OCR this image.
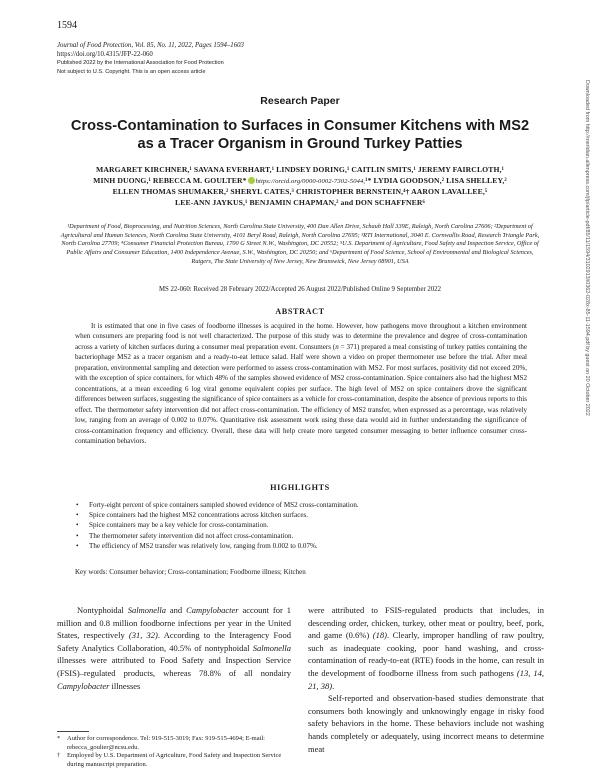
1594
Journal of Food Protection, Vol. 85, No. 11, 2022, Pages 1594–1603
https://doi.org/10.4315/JFP-22-060
Published 2022 by the International Association for Food Protection
Not subject to U.S. Copyright. This is an open access article
Research Paper
Cross-Contamination to Surfaces in Consumer Kitchens with MS2 as a Tracer Organism in Ground Turkey Patties
MARGARET KIRCHNER,¹ SAVANA EVERHART,¹ LINDSEY DORING,¹ CAITLIN SMITS,¹ JEREMY FAIRCLOTH,¹
MINH DUONG,¹ REBECCA M. GOULTER* https://orcid.org/0000-0002-7302-5044,¹* LYDIA GOODSON,² LISA SHELLEY,²
ELLEN THOMAS SHUMAKER,² SHERYL CATES,³ CHRISTOPHER BERNSTEIN,⁴† AARON LAVALLEE,⁵
LEE-ANN JAYKUS,¹ BENJAMIN CHAPMAN,² and DON SCHAFFNER⁶
¹Department of Food, Bioprocessing, and Nutrition Sciences, North Carolina State University, 400 Dan Allen Drive, Schaub Hall 339E, Raleigh, North Carolina 27606; ²Department of Agricultural and Human Sciences, North Carolina State University, 4101 Beryl Road, Raleigh, North Carolina 27695; ³RTI International, 3040 E. Cornwallis Road, Research Triangle Park, North Carolina 27709; ⁴Consumer Financial Protection Bureau, 1700 G Street N.W., Washington, DC 20552; ⁵U.S. Department of Agriculture, Food Safety and Inspection Service, Office of Public Affairs and Consumer Education, 1400 Independence Avenue, S.W., Washington, DC 20250; and ⁶Department of Food Science, School of Environmental and Biological Sciences, Rutgers, The State University of New Jersey, New Brunswick, New Jersey 08901, USA
MS 22-060: Received 28 February 2022/Accepted 26 August 2022/Published Online 9 September 2022
ABSTRACT
It is estimated that one in five cases of foodborne illnesses is acquired in the home. However, how pathogens move throughout a kitchen environment when consumers are preparing food is not well characterized. The purpose of this study was to determine the prevalence and degree of cross-contamination across a variety of kitchen surfaces during a consumer meal preparation event. Consumers (n = 371) prepared a meal consisting of turkey patties containing the bacteriophage MS2 as a tracer organism and a ready-to-eat lettuce salad. Half were shown a video on proper thermometer use before the trial. After meal preparation, environmental sampling and detection were performed to assess cross-contamination with MS2. For most surfaces, positivity did not exceed 20%, with the exception of spice containers, for which 48% of the samples showed evidence of MS2 cross-contamination. Spice containers also had the highest MS2 concentrations, at a mean exceeding 6 log viral genome equivalent copies per surface. The high level of MS2 on spice containers drove the significant differences between surfaces, suggesting the significance of spice containers as a vehicle for cross-contamination, despite the absence of previous reports to this effect. The thermometer safety intervention did not affect cross-contamination. The efficiency of MS2 transfer, when expressed as a percentage, was relatively low, ranging from an average of 0.002 to 0.07%. Quantitative risk assessment work using these data would aid in further understanding the significance of cross-contamination frequency and efficiency. Overall, these data will help create more targeted consumer messaging to better influence consumer cross-contamination behaviors.
HIGHLIGHTS
• Forty-eight percent of spice containers sampled showed evidence of MS2 cross-contamination.
• Spice containers had the highest MS2 concentrations across kitchen surfaces.
• Spice containers may be a key vehicle for cross-contamination.
• The thermometer safety intervention did not affect cross-contamination.
• The efficiency of MS2 transfer was relatively low, ranging from 0.002 to 0.07%.
Key words: Consumer behavior; Cross-contamination; Foodborne illness; Kitchen
Nontyphoidal Salmonella and Campylobacter account for 1 million and 0.8 million foodborne infections per year in the United States, respectively (31, 32). According to the Interagency Food Safety Analytics Collaboration, 40.5% of nontyphoidal Salmonella illnesses were attributed to Food Safety and Inspection Service (FSIS)–regulated products, whereas 78.8% of all nondairy Campylobacter illnesses
were attributed to FSIS-regulated products that includes, in descending order, chicken, turkey, other meat or poultry, beef, pork, and game (0.6%) (18). Clearly, improper handling of raw poultry, such as inadequate cooking, poor hand washing, and cross-contamination of ready-to-eat (RTE) foods in the home, can result in the development of foodborne illness from such pathogens (13, 14, 21, 38).
Self-reported and observation-based studies demonstrate that consumers both knowingly and unknowingly engage in risky food safety behaviors in the home. These behaviors include not washing hands completely or adequately, using incorrect means to determine meat
* Author for correspondence. Tel: 919-515-3019; Fax: 919-515-4694; E-mail: rebecca_goulter@ncsu.edu.
† Employed by U.S. Department of Agriculture, Food Safety and Inspection Service during manuscript preparation.
Downloaded from http://meridian.allenpress.com/jfp/article-pdf/85/11/1594/3102913/i0362-028x-85-11-1594.pdf by guest on 20 October 2022
